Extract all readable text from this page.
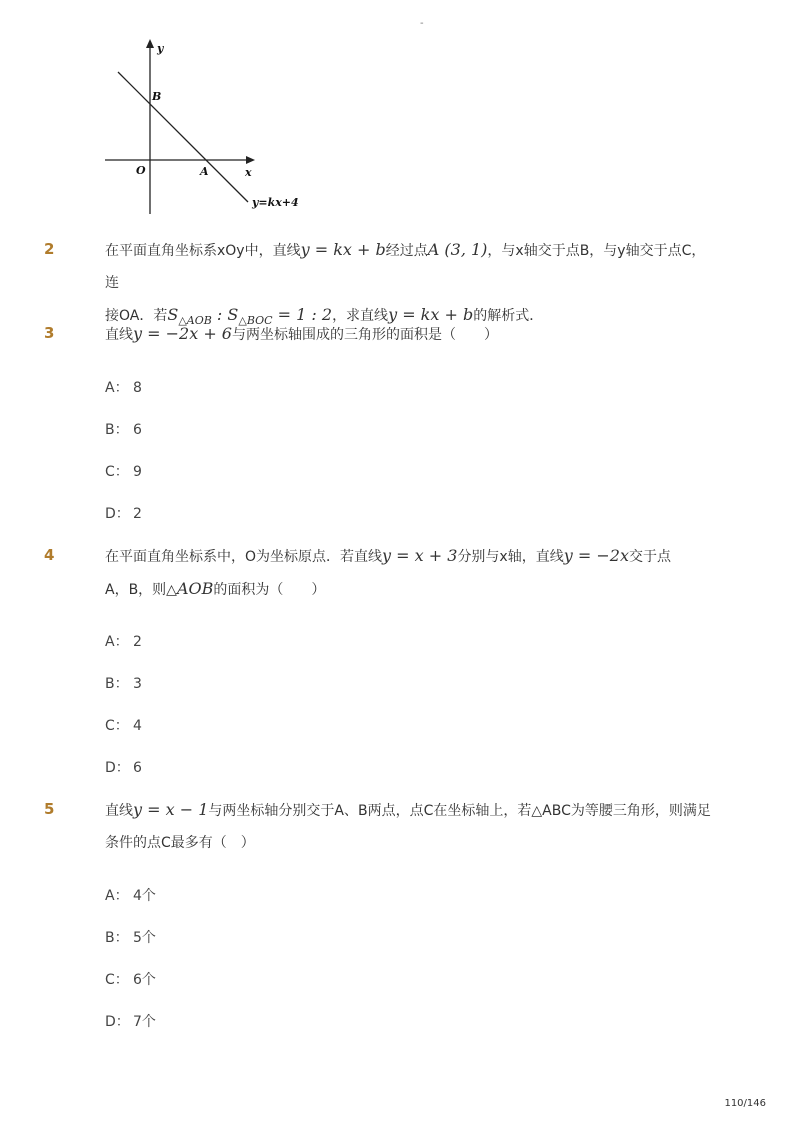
-
y
B
O	A	x
y=kx+4
2	在平面直角坐标系xOy中，直线y = kx + b经过点A (3, 1)，与x轴交于点B，与y轴交于点C，连
接OA．若$S_{\triangle AOB}$ : $S_{\triangle BOC} = 1$ : 2，求直线y = kx + b的解析式．
3	直线y = −2x + 6与两坐标轴围成的三角形的面积是（　　）
A： 8
B： 6
C： 9
D： 2
4	在平面直角坐标系中，O为坐标原点．若直线y = x + 3分别与x轴，直线y = −2x交于点
A，B，则△AOB的面积为（　　）
A： 2
B： 3
C： 4
D： 6
5	直线y = x − 1与两坐标轴分别交于A、B两点，点C在坐标轴上，若△ABC为等腰三角形，则满足
条件的点C最多有（　）
A： 4个
B： 5个
C： 6个
D： 7个
110/146
